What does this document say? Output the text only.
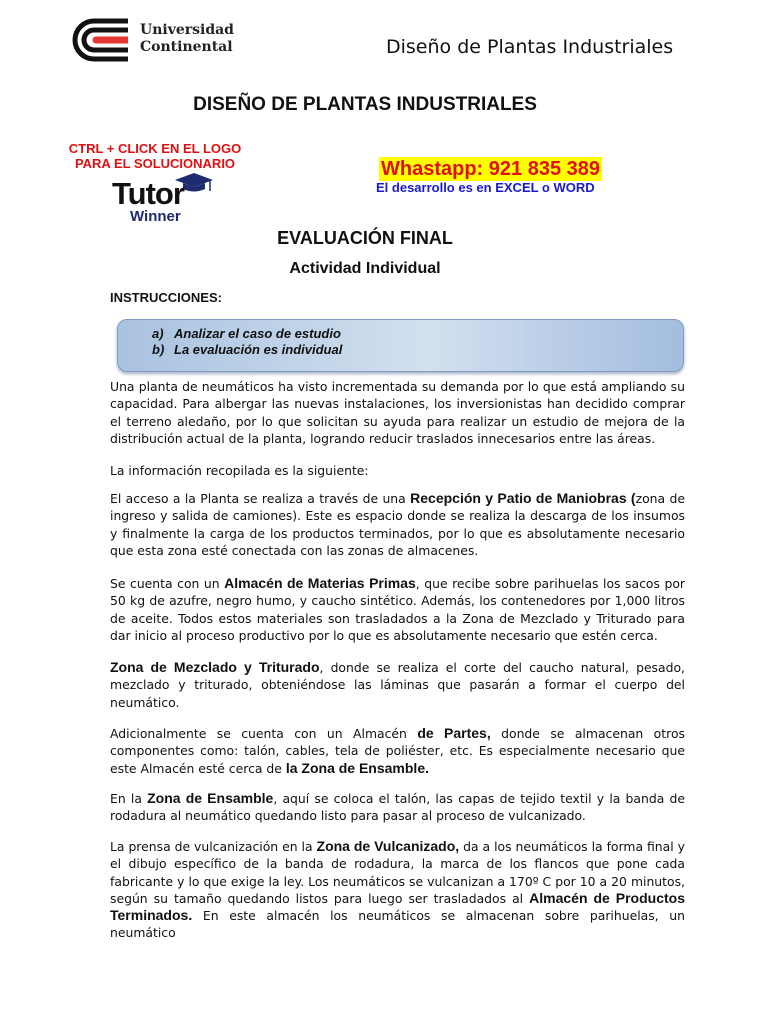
Universidad
Continental	Diseño de Plantas Industriales
DISEÑO DE PLANTAS INDUSTRIALES
CTRL + CLICK EN EL LOGO
PARA EL SOLUCIONARIO
Tutor
Winner
Whastapp: 921 835 389
El desarrollo es en EXCEL o WORD
EVALUACIÓN FINAL
Actividad Individual
INSTRUCCIONES:
a) Analizar el caso de estudio
b) La evaluación es individual
Una planta de neumáticos ha visto incrementada su demanda por lo que está ampliando su capacidad. Para albergar las nuevas instalaciones, los inversionistas han decidido comprar el terreno aledaño, por lo que solicitan su ayuda para realizar un estudio de mejora de la distribución actual de la planta, logrando reducir traslados innecesarios entre las áreas.
La información recopilada es la siguiente:
El acceso a la Planta se realiza a través de una Recepción y Patio de Maniobras (zona de ingreso y salida de camiones). Este es espacio donde se realiza la descarga de los insumos y finalmente la carga de los productos terminados, por lo que es absolutamente necesario que esta zona esté conectada con las zonas de almacenes.
Se cuenta con un Almacén de Materias Primas, que recibe sobre parihuelas los sacos por 50 kg de azufre, negro humo, y caucho sintético. Además, los contenedores por 1,000 litros de aceite. Todos estos materiales son trasladados a la Zona de Mezclado y Triturado para dar inicio al proceso productivo por lo que es absolutamente necesario que estén cerca.
Zona de Mezclado y Triturado, donde se realiza el corte del caucho natural, pesado, mezclado y triturado, obteniéndose las láminas que pasarán a formar el cuerpo del neumático.
Adicionalmente se cuenta con un Almacén de Partes, donde se almacenan otros componentes como: talón, cables, tela de poliéster, etc. Es especialmente necesario que este Almacén esté cerca de la Zona de Ensamble.
En la Zona de Ensamble, aquí se coloca el talón, las capas de tejido textil y la banda de rodadura al neumático quedando listo para pasar al proceso de vulcanizado.
La prensa de vulcanización en la Zona de Vulcanizado, da a los neumáticos la forma final y el dibujo específico de la banda de rodadura, la marca de los flancos que pone cada fabricante y lo que exige la ley. Los neumáticos se vulcanizan a 170º C por 10 a 20 minutos, según su tamaño quedando listos para luego ser trasladados al Almacén de Productos Terminados. En este almacén los neumáticos se almacenan sobre parihuelas, un neumático
